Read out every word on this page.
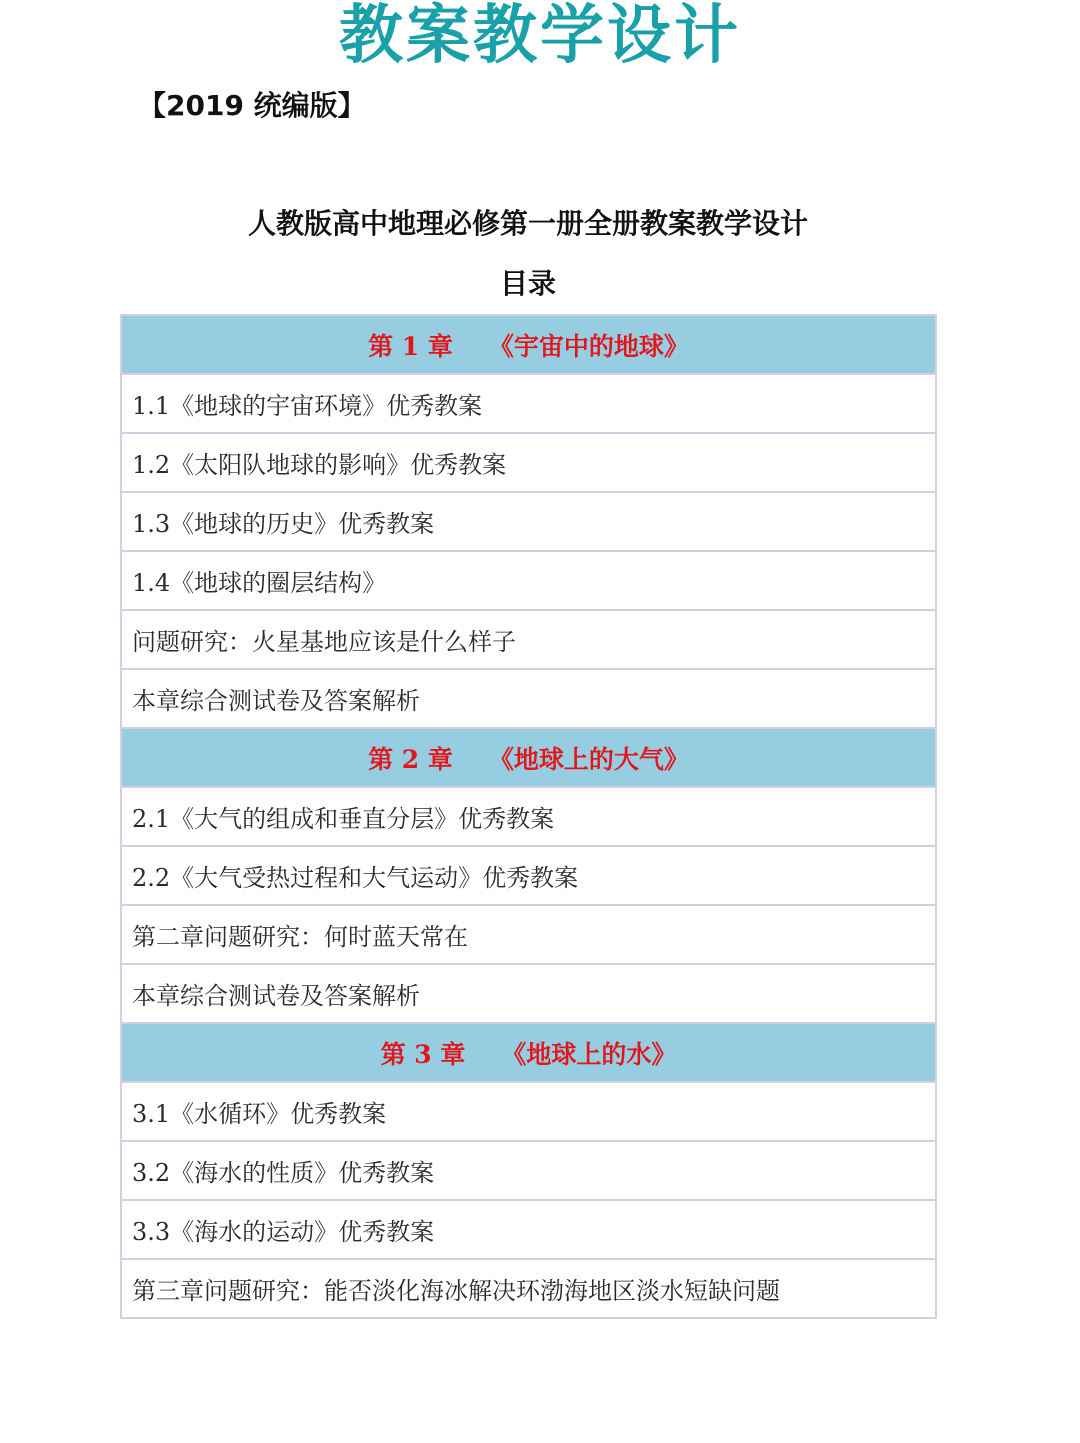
教案教学设计
【2019 统编版】
人教版高中地理必修第一册全册教案教学设计
目录
第 1 章 《宇宙中的地球》
1.1《地球的宇宙环境》优秀教案
1.2《太阳队地球的影响》优秀教案
1.3《地球的历史》优秀教案
1.4《地球的圈层结构》
问题研究：火星基地应该是什么样子
本章综合测试卷及答案解析
第 2 章 《地球上的大气》
2.1《大气的组成和垂直分层》优秀教案
2.2《大气受热过程和大气运动》优秀教案
第二章问题研究：何时蓝天常在
本章综合测试卷及答案解析
第 3 章 《地球上的水》
3.1《水循环》优秀教案
3.2《海水的性质》优秀教案
3.3《海水的运动》优秀教案
第三章问题研究：能否淡化海冰解决环渤海地区淡水短缺问题
